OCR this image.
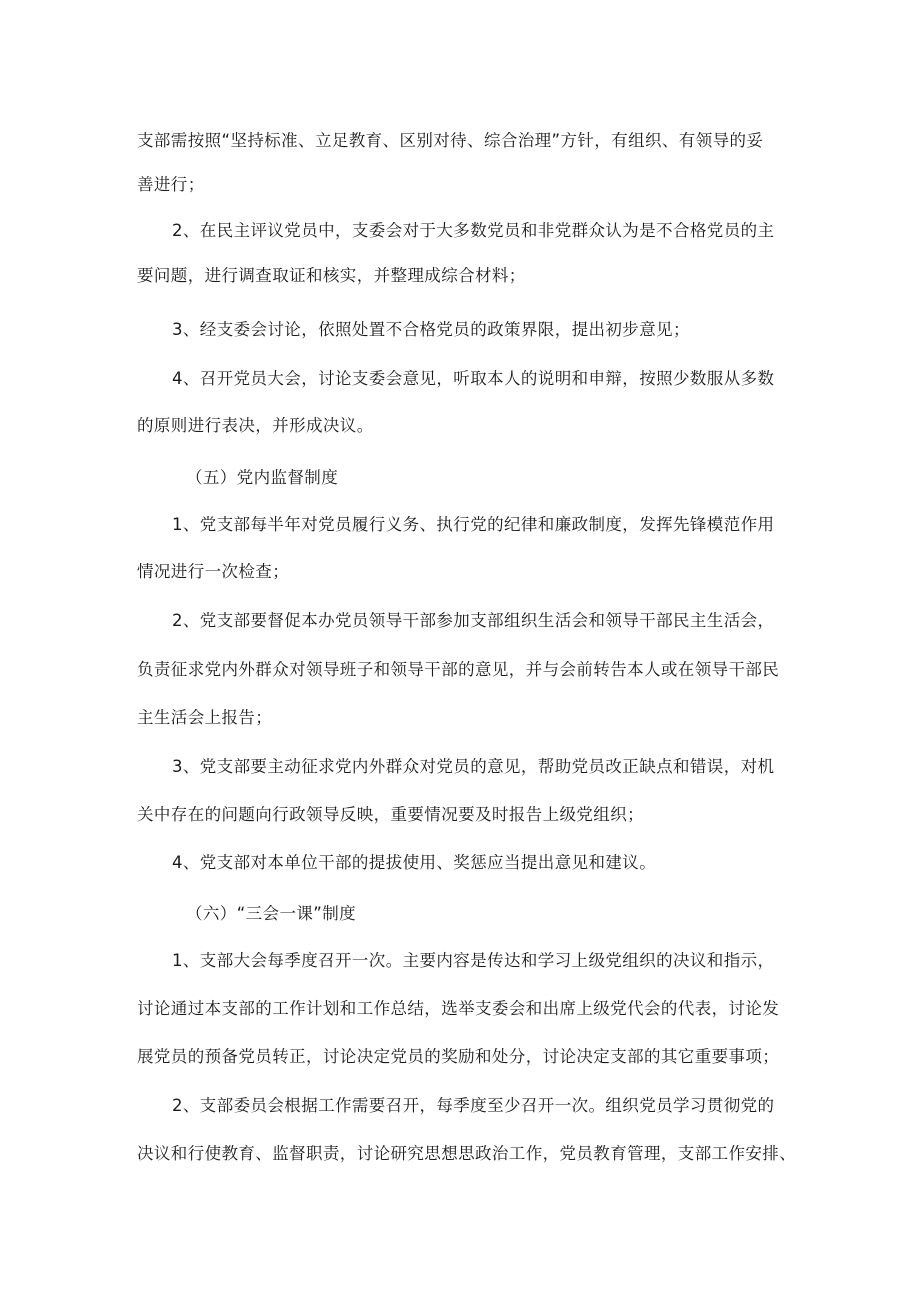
支部需按照“坚持标准、立足教育、区别对待、综合治理”方针，有组织、有领导的妥
善进行；
2、在民主评议党员中，支委会对于大多数党员和非党群众认为是不合格党员的主
要问题，进行调查取证和核实，并整理成综合材料；
3、经支委会讨论，依照处置不合格党员的政策界限，提出初步意见；
4、召开党员大会，讨论支委会意见，听取本人的说明和申辩，按照少数服从多数
的原则进行表决，并形成决议。
（五）党内监督制度
1、党支部每半年对党员履行义务、执行党的纪律和廉政制度，发挥先锋模范作用
情况进行一次检查；
2、党支部要督促本办党员领导干部参加支部组织生活会和领导干部民主生活会，
负责征求党内外群众对领导班子和领导干部的意见，并与会前转告本人或在领导干部民
主生活会上报告；
3、党支部要主动征求党内外群众对党员的意见，帮助党员改正缺点和错误，对机
关中存在的问题向行政领导反映，重要情况要及时报告上级党组织；
4、党支部对本单位干部的提拔使用、奖惩应当提出意见和建议。
（六）“三会一课”制度
1、支部大会每季度召开一次。主要内容是传达和学习上级党组织的决议和指示，
讨论通过本支部的工作计划和工作总结，选举支委会和出席上级党代会的代表，讨论发
展党员的预备党员转正，讨论决定党员的奖励和处分，讨论决定支部的其它重要事项；
2、支部委员会根据工作需要召开，每季度至少召开一次。组织党员学习贯彻党的
决议和行使教育、监督职责，讨论研究思想思政治工作，党员教育管理，支部工作安排、
